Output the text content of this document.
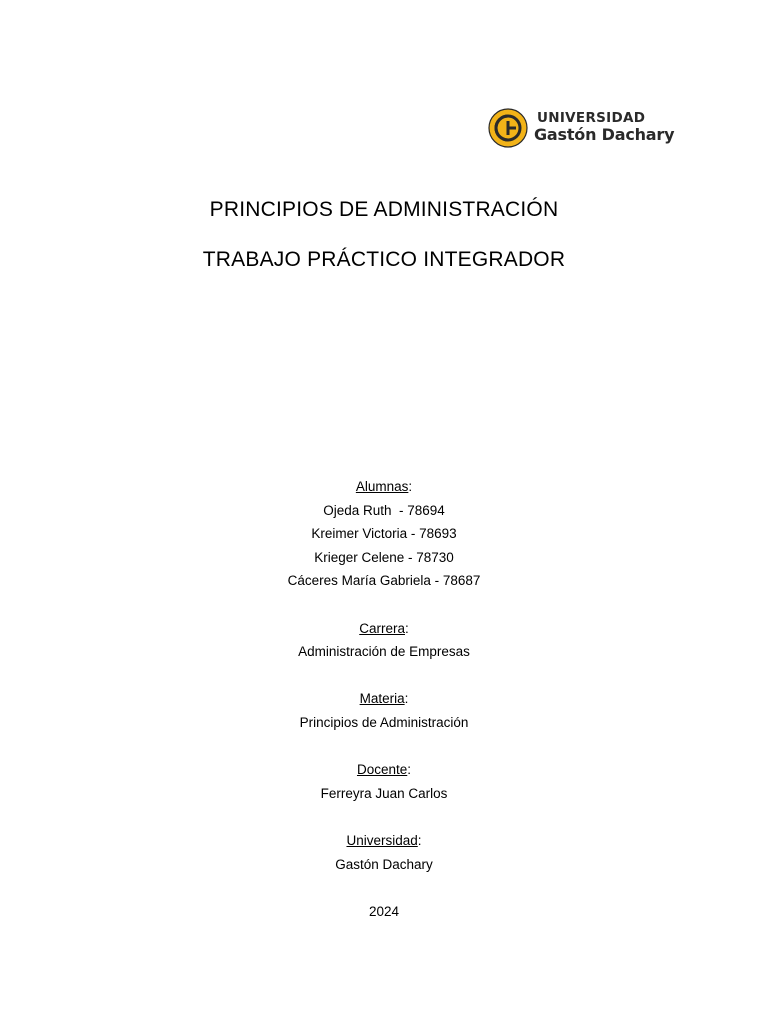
UNIVERSIDAD
Gastón Dachary
PRINCIPIOS DE ADMINISTRACIÓN
TRABAJO PRÁCTICO INTEGRADOR
Alumnas:
Ojeda Ruth  - 78694
Kreimer Victoria - 78693
Krieger Celene - 78730
Cáceres María Gabriela - 78687
Carrera:
Administración de Empresas
Materia:
Principios de Administración
Docente:
Ferreyra Juan Carlos
Universidad:
Gastón Dachary
2024
